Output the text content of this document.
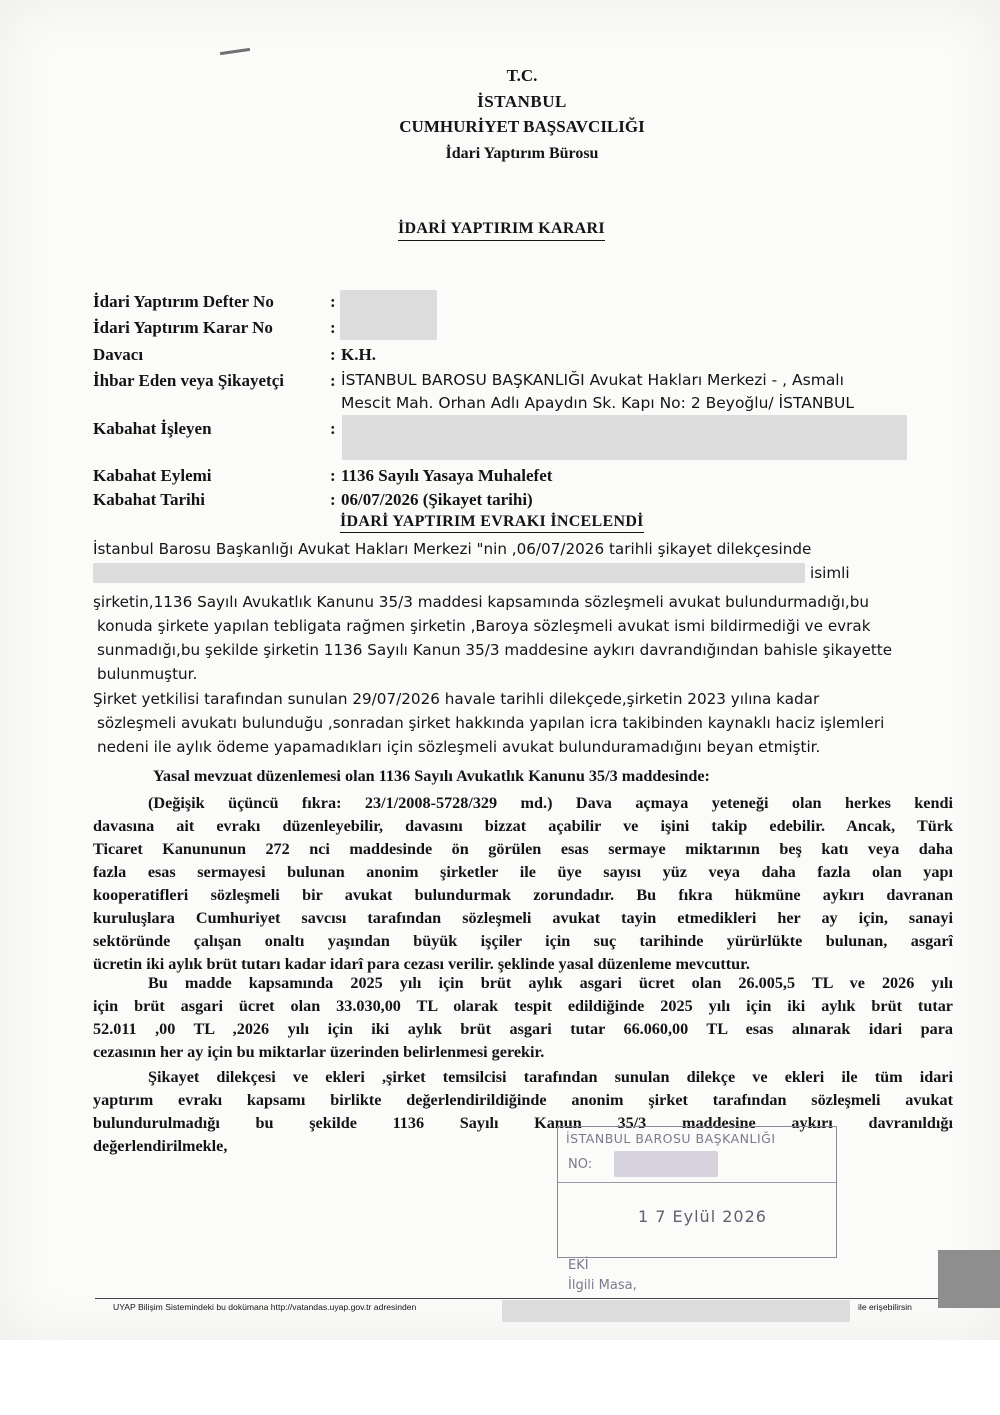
T.C.
İSTANBUL
CUMHURİYET BAŞSAVCILIĞI
İdari Yaptırım Bürosu
İDARİ YAPTIRIM KARARI
İdari Yaptırım Defter No	:
İdari Yaptırım Karar No	:
Davacı	: K.H.
İhbar Eden veya Şikayetçi	: İSTANBUL BAROSU BAŞKANLIĞI Avukat Hakları Merkezi - , Asmalı
Mescit Mah. Orhan Adlı Apaydın Sk. Kapı No: 2 Beyoğlu/ İSTANBUL
Kabahat İşleyen	:
Kabahat Eylemi	: 1136 Sayılı Yasaya Muhalefet
Kabahat Tarihi	: 06/07/2026 (Şikayet tarihi)
İDARİ YAPTIRIM EVRAKI İNCELENDİ
İstanbul Barosu Başkanlığı Avukat Hakları Merkezi "nin ,06/07/2026 tarihli şikayet dilekçesinde
isimli
şirketin,1136 Sayılı Avukatlık Kanunu 35/3 maddesi kapsamında sözleşmeli avukat bulundurmadığı,bu
konuda şirkete yapılan tebligata rağmen şirketin ,Baroya sözleşmeli avukat ismi bildirmediği ve evrak
sunmadığı,bu şekilde şirketin 1136 Sayılı Kanun 35/3 maddesine aykırı davrandığından bahisle şikayette
bulunmuştur.
Şirket yetkilisi tarafından sunulan 29/07/2026 havale tarihli dilekçede,şirketin 2023 yılına kadar
sözleşmeli avukatı bulunduğu ,sonradan şirket hakkında yapılan icra takibinden kaynaklı haciz işlemleri
nedeni ile aylık ödeme yapamadıkları için sözleşmeli avukat bulunduramadığını beyan etmiştir.
Yasal mevzuat düzenlemesi olan 1136 Sayılı Avukatlık Kanunu 35/3 maddesinde:
(Değişik üçüncü fıkra: 23/1/2008-5728/329 md.) Dava açmaya yeteneği olan herkes kendi
davasına ait evrakı düzenleyebilir, davasını bizzat açabilir ve işini takip edebilir. Ancak, Türk
Ticaret Kanununun 272 nci maddesinde ön görülen esas sermaye miktarının beş katı veya daha
fazla esas sermayesi bulunan anonim şirketler ile üye sayısı yüz veya daha fazla olan yapı
kooperatifleri sözleşmeli bir avukat bulundurmak zorundadır. Bu fıkra hükmüne aykırı davranan
kuruluşlara Cumhuriyet savcısı tarafından sözleşmeli avukat tayin etmedikleri her ay için, sanayi
sektöründe çalışan onaltı yaşından büyük işçiler için suç tarihinde yürürlükte bulunan, asgarî
ücretin iki aylık brüt tutarı kadar idarî para cezası verilir. şeklinde yasal düzenleme mevcuttur.
Bu madde kapsamında 2025 yılı için brüt aylık asgari ücret olan 26.005,5 TL ve 2026 yılı
için brüt asgari ücret olan 33.030,00 TL olarak tespit edildiğinde 2025 yılı için iki aylık brüt tutar
52.011 ,00 TL ,2026 yılı için iki aylık brüt asgari tutar 66.060,00 TL esas alınarak idari para
cezasının her ay için bu miktarlar üzerinden belirlenmesi gerekir.
Şikayet dilekçesi ve ekleri ,şirket temsilcisi tarafından sunulan dilekçe ve ekleri ile tüm idari
yaptırım evrakı kapsamı birlikte değerlendirildiğinde anonim şirket tarafından sözleşmeli avukat
bulundurulmadığı bu şekilde 1136 Sayılı Kanun 35/3 maddesine aykırı davranıldığı
değerlendirilmekle,	İSTANBUL BAROSU BAŞKANLIĞI
NO:
1 7 Eylül 2026
EKİ
İlgili Masa,
UYAP Bilişim Sistemindeki bu dokümana http://vatandas.uyap.gov.tr adresinden	ile erişebilirsin
